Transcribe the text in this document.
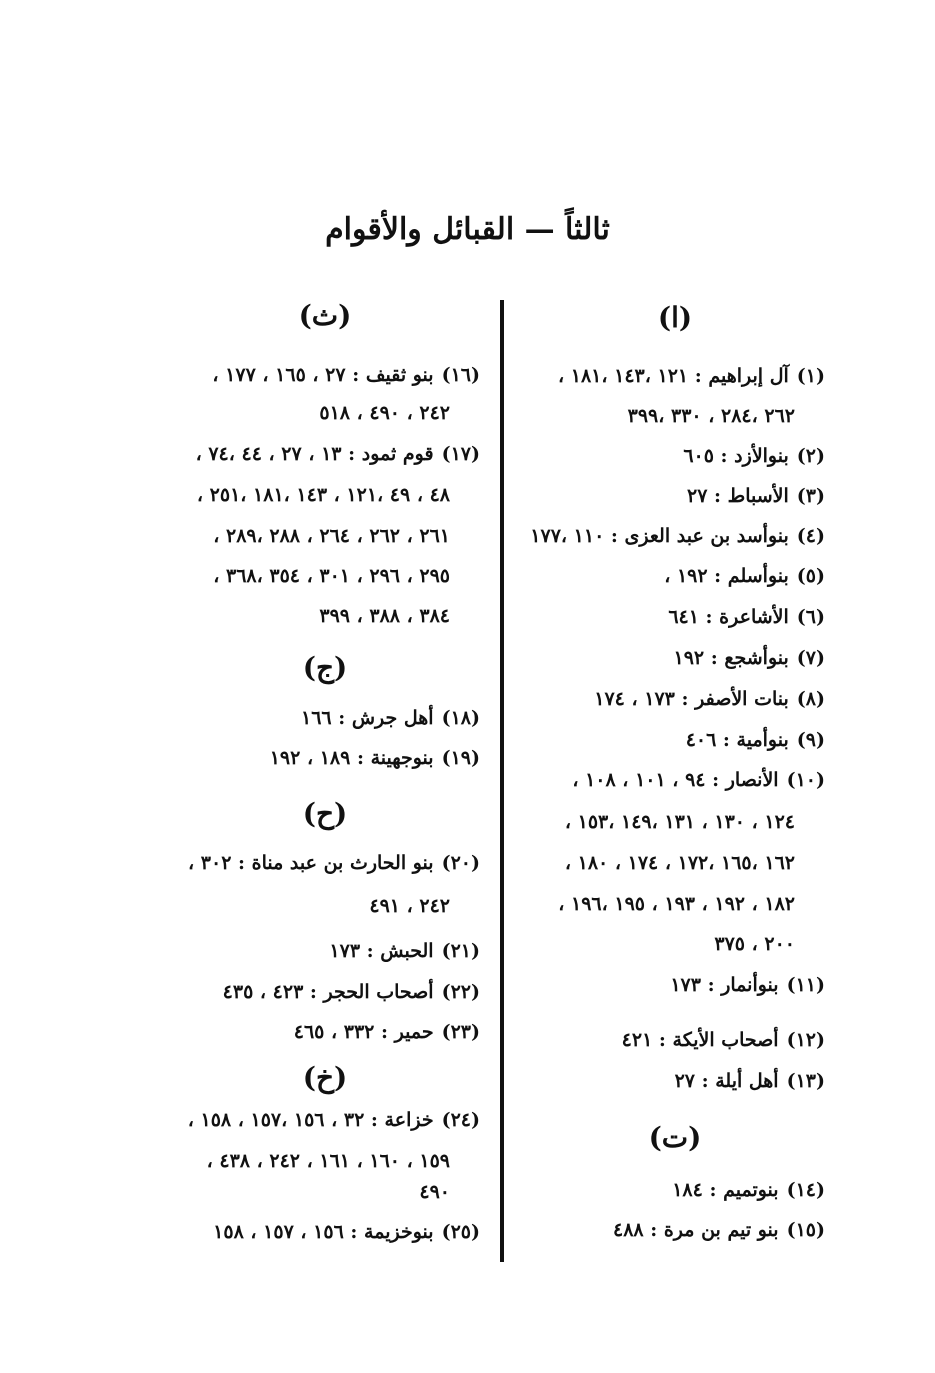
ثالثاً — القبائل والأقوام
(ا)
(١)آل إبراهيم : ١٢١ ،١٤٣ ،١٨١ ،
٢٦٢ ،٢٨٤ ، ٣٣٠ ،٣٩٩
(٢)بنوالأزد : ٦٠٥
(٣)الأسباط : ٢٧
(٤)بنوأسد بن عبد العزى : ١١٠ ،١٧٧
(٥)بنوأسلم : ١٩٢ ،
(٦)الأشاعرة : ٦٤١
(٧)بنوأشجع : ١٩٢
(٨)بنات الأصفر : ١٧٣ ، ١٧٤
(٩)بنوأمية : ٤٠٦
(١٠)الأنصار : ٩٤ ، ١٠١ ، ١٠٨ ،
١٢٤ ، ١٣٠ ، ١٣١ ،١٤٩ ،١٥٣ ،
١٦٢ ،١٦٥ ،١٧٢ ، ١٧٤ ، ١٨٠ ،
١٨٢ ، ١٩٢ ، ١٩٣ ، ١٩٥ ،١٩٦ ،
٢٠٠ ، ٣٧٥
(١١)بنوأنمار : ١٧٣
(١٢)أصحاب الأيكة : ٤٢١
(١٣)أهل أيلة : ٢٧
(ت)
(١٤)بنوتميم : ١٨٤
(١٥)بنو تيم بن مرة : ٤٨٨
(ث)
(١٦)بنو ثقيف : ٢٧ ، ١٦٥ ، ١٧٧ ،
٢٤٢ ، ٤٩٠ ، ٥١٨
(١٧)قوم ثمود : ١٣ ، ٢٧ ، ٤٤ ،٧٤ ،
٤٨ ، ٤٩ ،١٢١ ، ١٤٣ ،١٨١ ،٢٥١ ،
٢٦١ ، ٢٦٢ ، ٢٦٤ ، ٢٨٨ ،٢٨٩ ،
٢٩٥ ، ٢٩٦ ، ٣٠١ ، ٣٥٤ ،٣٦٨ ،
٣٨٤ ، ٣٨٨ ، ٣٩٩
(ج)
(١٨)أهل جرش : ١٦٦
(١٩)بنوجهينة : ١٨٩ ، ١٩٢
(ح)
(٢٠)بنو الحارث بن عبد مناة : ٣٠٢ ،
٢٤٢ ، ٤٩١
(٢١)الحبش : ١٧٣
(٢٢)أصحاب الحجر : ٤٢٣ ، ٤٣٥
(٢٣)حمير : ٣٣٢ ، ٤٦٥
(خ)
(٢٤)خزاعة : ٣٢ ، ١٥٦ ،١٥٧ ، ١٥٨ ،
١٥٩ ، ١٦٠ ، ١٦١ ، ٢٤٢ ، ٤٣٨ ،
٤٩٠
(٢٥)بنوخزيمة : ١٥٦ ، ١٥٧ ، ١٥٨
